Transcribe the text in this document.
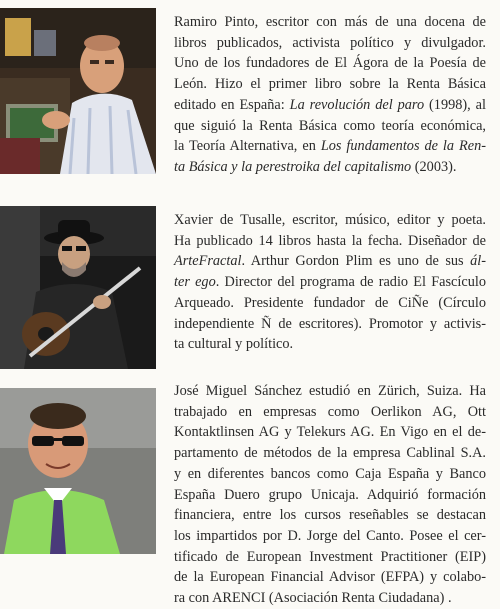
Ramiro Pinto, escritor con más de una docena de
libros publicados, activista político y divulgador.
Uno de los fundadores de El Ágora de la Poesía de
León. Hizo el primer libro sobre la Renta Básica
editado en España: La revolución del paro (1998), al
que siguió la Renta Básica como teoría económica,
la Teoría Alternativa, en Los fundamentos de la Ren-
ta Básica y la perestroika del capitalismo (2003).

Xavier de Tusalle, escritor, músico, editor y poeta.
Ha publicado 14 libros hasta la fecha. Diseñador de
ArteFractal. Arthur Gordon Plim es uno de sus ál-
ter ego. Director del programa de radio El Fascículo
Arqueado. Presidente fundador de CiÑe (Círculo
independiente Ñ de escritores). Promotor y activis-
ta cultural y político.

José Miguel Sánchez estudió en Zürich, Suiza. Ha
trabajado en empresas como Oerlikon AG, Ott
Kontaktlinsen AG y Telekurs AG. En Vigo en el de-
partamento de métodos de la empresa Cablinal S.A.
y en diferentes bancos como Caja España y Banco
España Duero grupo Unicaja. Adquirió formación
financiera, entre los cursos reseñables se destacan
los impartidos por D. Jorge del Canto. Posee el cer-
tificado de European Investment Practitioner (EIP)
de la European Financial Advisor (EFPA) y colabo-
ra con ARENCI (Asociación Renta Ciudadana) .
